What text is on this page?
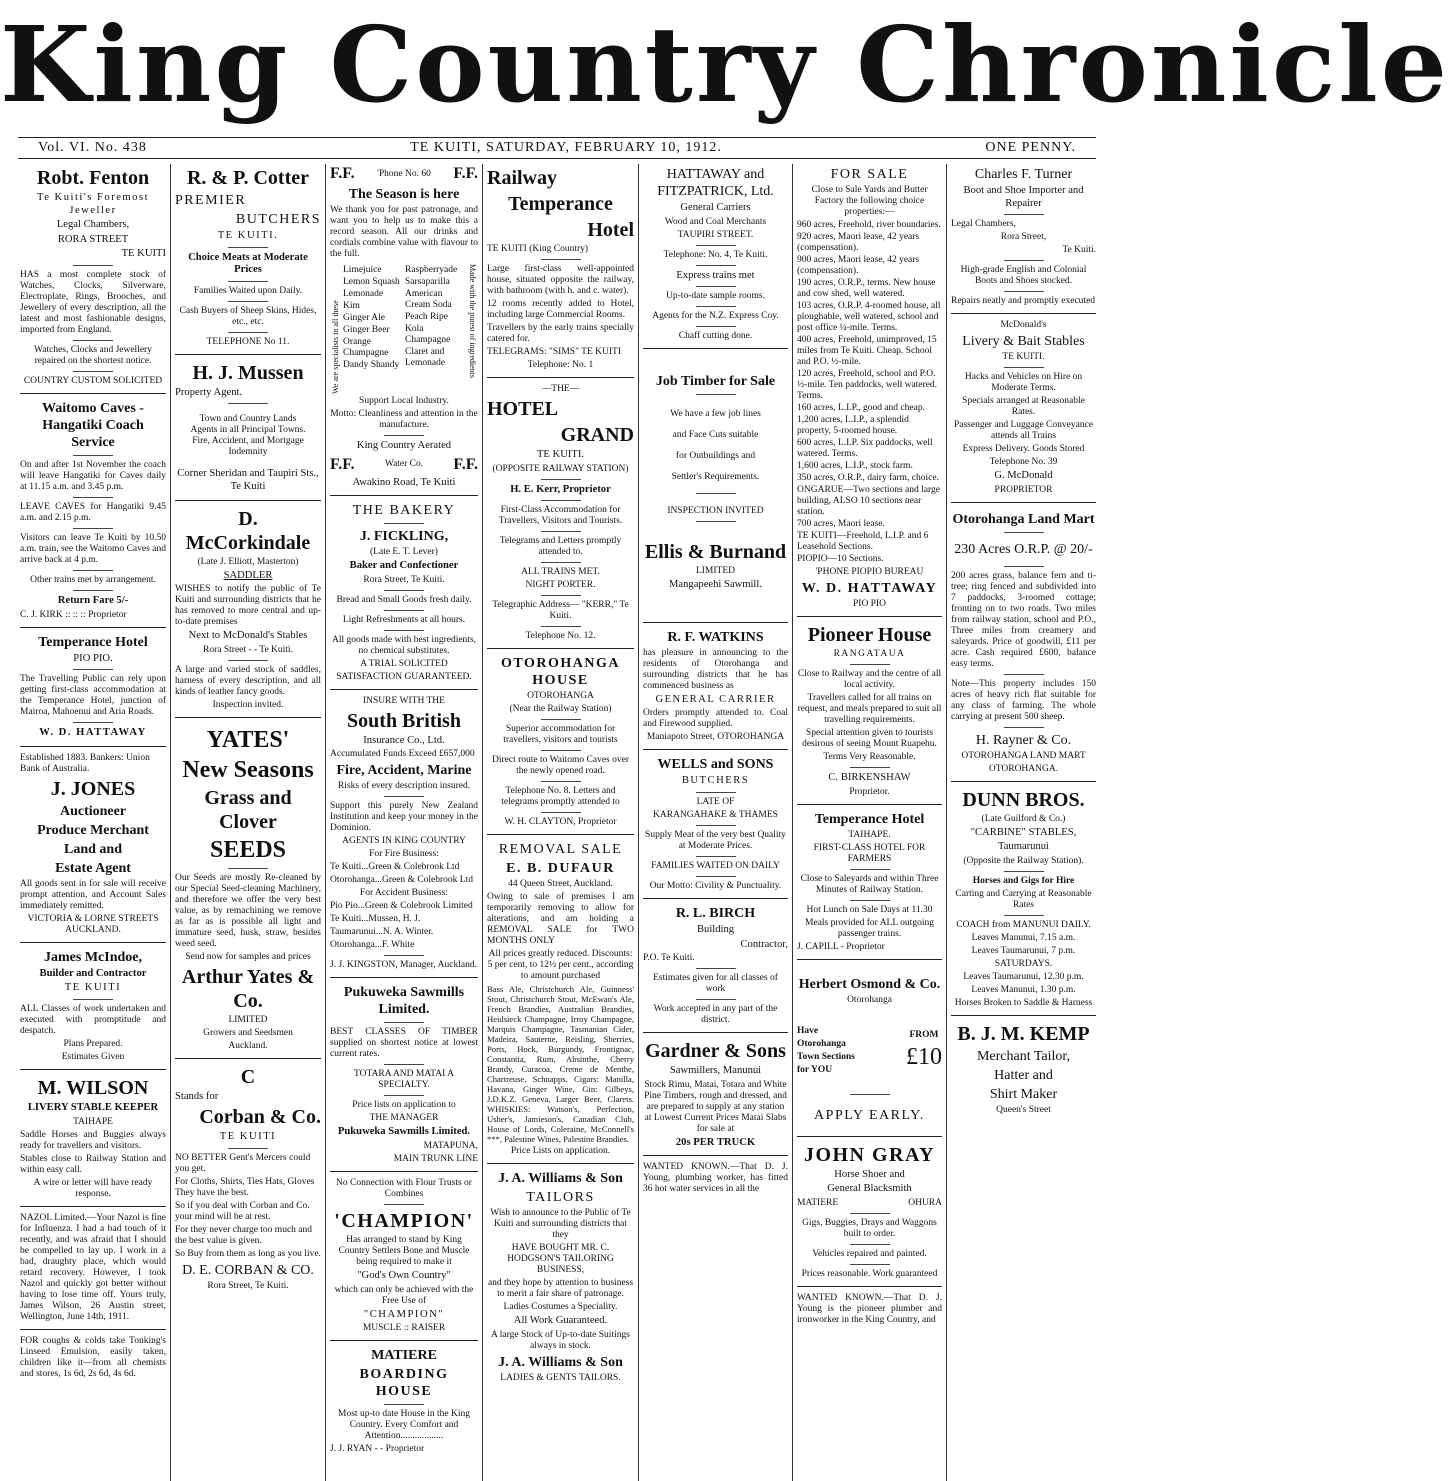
King Country Chronicle
Vol. VI. No. 438	TE KUITI, SATURDAY, FEBRUARY 10, 1912.	ONE PENNY.

Robt. Fenton

Te Kuiti's Foremost Jeweller

Legal Chambers,

RORA STREET

TE KUITI

HAS a most complete stock of Watches, Clocks, Silverware, Electroplate, Rings, Brooches, and Jewellery of every description, all the latest and most fashionable designs, imported from England.

Watches, Clocks and Jewellery repaired on the shortest notice.

COUNTRY CUSTOM SOLICITED

Waitomo Caves - Hangatiki Coach Service

On and after 1st November the coach will leave Hangatiki for Caves daily at 11.15 a.m. and 3.45 p.m.

LEAVE CAVES for Hangatiki 9.45 a.m. and 2.15 p.m.

Visitors can leave Te Kuiti by 10.50 a.m. train, see the Waitomo Caves and arrive back at 4 p.m.

Other trains met by arrangement.

Return Fare 5/-

C. J. KIRK :: :: :: Proprietor

Temperance Hotel

PIO PIO.

The Travelling Public can rely upon getting first-class accommodation at the Temperance Hotel, junction of Mairoa, Mahoenui and Aria Roads.

W. D. HATTAWAY

Established 1883. Bankers: Union Bank of Australia.

J. JONES

Auctioneer

Produce Merchant

Land and

Estate Agent

All goods sent in for sale will receive prompt attention, and Account Sales immediately remitted.

VICTORIA & LORNE STREETS AUCKLAND.

James McIndoe,

Builder and Contractor

TE KUITI

ALL Classes of work undertaken and executed with promptitude and despatch.

Plans Prepared.

Estimates Given

M. WILSON

LIVERY STABLE KEEPER

TAIHAPE

Saddle Horses and Buggies always ready for travellers and visitors.

Stables close to Railway Station and within easy call.

A wire or letter will have ready response.

NAZOL Limited.—Your Nazol is fine for Influenza. I had a bad touch of it recently, and was afraid that I should be compelled to lay up. I work in a bad, draughty place, which would retard recovery. However, I took Nazol and quickly got better without having to lose time off. Yours truly, James Wilson, 26 Austin street, Wellington, June 14th, 1911.

FOR coughs & colds take Tonking's Linseed Emulsion, easily taken, children like it—from all chemists and stores, 1s 6d, 2s 6d, 4s 6d.

R. & P. Cotter

PREMIER

BUTCHERS

TE KUITI.

Choice Meats at Moderate Prices

Families Waited upon Daily.

Cash Buyers of Sheep Skins, Hides, etc., etc.

TELEPHONE No 11.

H. J. Mussen

Property Agent.

Town and Country Lands Agents in all Principal Towns. Fire, Accident, and Mortgage Indemnity

Corner Sheridan and Taupiri Sts., Te Kuiti

D. McCorkindale

(Late J. Elliott, Masterton)

SADDLER

WISHES to notify the public of Te Kuiti and surrounding districts that he has removed to more central and up-to-date premises

Next to McDonald's Stables

Rora Street - - Te Kuiti.

A large and varied stock of saddles, harness of every description, and all kinds of leather fancy goods.

Inspection invited.

YATES'

New Seasons

Grass and Clover

SEEDS

Our Seeds are mostly Re-cleaned by our Special Seed-cleaning Machinery, and therefore we offer the very best value, as by remachining we remove as far as is possible all light and immature seed, husk, straw, besides weed seed.

Send now for samples and prices

Arthur Yates & Co.

LIMITED

Growers and Seedsmen

Auckland.

C

Stands for

Corban & Co.

TE KUITI

NO BETTER Gent's Mercers could you get.

For Cloths, Shirts, Ties Hats, Gloves They have the best.

So if you deal with Corban and Co. your mind will be at rest.

For they never charge too much and the best value is given.

So Buy from them as long as you live.

D. E. CORBAN & CO.

Rora Street, Te Kuiti.

F.F. 'Phone No. 60 F.F.

The Season is here

We thank you for past patronage, and want you to help us to make this a record season. All our drinks and cordials combine value with flavour to the full.

We are specialists in all these

Limejuice

Lemon Squash

Lemonade

Kim

Ginger Ale

Ginger Beer

Orange Champagne

Dandy Shandy

Raspberryade

Sarsaparilla

American Cream Soda

Peach Ripe

Kola Champagne

Claret and Lemonade	Made with the purest of ingredients

Support Local Industry.

Motto: Cleanliness and attention in the manufacture.

King Country Aerated

F.F.	Water Co. F.F.

Awakino Road, Te Kuiti

THE BAKERY

J. FICKLING,

(Late E. T. Lever)

Baker and Confectioner

Rora Street, Te Kuiti.

Bread and Small Goods fresh daily.

Light Refreshments at all hours.

All goods made with best ingredients, no chemical substitutes.

A TRIAL SOLICITED

SATISFACTION GUARANTEED.

INSURE WITH THE

South British

Insurance Co., Ltd.

Accumulated Funds Exceed £657,000

Fire, Accident, Marine

Risks of every description insured.

Support this purely New Zealand Institution and keep your money in the Dominion.

AGENTS IN KING COUNTRY

For Fire Business:

Te Kuiti...Green & Colebrook Ltd

Otorohanga...Green & Colebrook Ltd

For Accident Business:

Pio Pio...Green & Colebrook Limited

Te Kuiti...Mussen, H. J.

Taumarunui...N. A. Winter.

Otorohanga...F. White

J. J. KINGSTON, Manager, Auckland.

Pukuweka Sawmills Limited.

BEST CLASSES OF TIMBER supplied on shortest notice at lowest current rates.

TOTARA AND MATAI A SPECIALTY.

Price lists on application to

THE MANAGER

Pukuweka Sawmills Limited.

MATAPUNA,

MAIN TRUNK LINE

No Connection with Flour Trusts or Combines

'CHAMPION'

Has arranged to stand by King Country Settlers Bone and Muscle being required to make it

"God's Own Country"

which can only be achieved with the Free Use of

"CHAMPION"

MUSCLE :: RAISER

MATIERE

BOARDING HOUSE

Most up-to date House in the King Country. Every Comfort and Attention..................

J. J. RYAN - - Proprietor

Railway

Temperance

Hotel

TE KUITI (King Country)

Large first-class well-appointed house, situated opposite the railway, with bathroom (with h. and c. water).

12 rooms recently added to Hotel, including large Commercial Rooms.

Travellers by the early trains specially catered for.

TELEGRAMS: "SIMS" TE KUITI

Telephone: No. 1

—THE—

HOTEL

GRAND

TE KUITI.

(OPPOSITE RAILWAY STATION)

H. E. Kerr, Proprietor

First-Class Accommodation for Travellers, Visitors and Tourists.

Telegrams and Letters promptly attended to.

ALL TRAINS MET.

NIGHT PORTER.

Telegraphic Address— "KERR," Te Kuiti.

Telephone No. 12.

OTOROHANGA HOUSE

OTOROHANGA

(Near the Railway Station)

Superior accommodation for travellers, visitors and tourists

Direct route to Waitomo Caves over the newly opened road.

Telephone No. 8. Letters and telegrams promptly attended to

W. H. CLAYTON, Proprietor

REMOVAL SALE

E. B. DUFAUR

44 Queen Street, Auckland.

Owing to sale of premises I am temporarily removing to allow for alterations, and am holding a REMOVAL SALE for TWO MONTHS ONLY

All prices greatly reduced. Discounts: 5 per cent, to 12½ per cent., according to amount purchased

Bass Ale, Christchurch Ale, Guinness' Stout, Christchurch Stout, McEwan's Ale, French Brandies, Australian Brandies, Heidsieck Champagne, Irroy Champagne, Marquis Champagne, Tasmanian Cider, Madeira, Sauterne, Reisling, Sherries, Ports, Hock, Burgundy, Frontignac, Constantia, Rum, Absinthe, Cherry Brandy, Curacoa, Creme de Menthe, Chartreuse, Schnapps. Cigars: Manilla, Havana, Ginger Wine, Gin: Gilbeys, J.D.K.Z. Geneva, Larger Beer, Clarets. WHISKIES: Watson's, Perfection, Usher's, Jamieson's, Canadian Club, House of Lords, Coleraine, McConnell's ***, Palestine Wines, Palestine Brandies.

Price Lists on application.

J. A. Williams & Son

TAILORS

Wish to announce to the Public of Te Kuiti and surrounding districts that they

HAVE BOUGHT MR. C. HODGSON'S TAILORING BUSINESS,

and they hope by attention to business to merit a fair share of patronage.

Ladies Costumes a Speciality.

All Work Guaranteed.

A large Stock of Up-to-date Suitings always in stock.

J. A. Williams & Son

LADIES & GENTS TAILORS.

HATTAWAY and FITZPATRICK, Ltd.

General Carriers

Wood and Coal Merchants

TAUPIRI STREET.

Telephone: No. 4, Te Kuiti.

Express trains met

Up-to-date sample rooms.

Agents for the N.Z. Express Coy.

Chaff cutting done.

Job Timber for Sale

We have a few job lines

and Face Cuts suitable

for Outbuildings and

Settler's Requirements.

INSPECTION INVITED

Ellis & Burnand

LIMITED

Mangapeehi Sawmill.

R. F. WATKINS

has pleasure in announcing to the residents of Otorohanga and surrounding districts that he has commenced business as

GENERAL CARRIER

Orders promptly attended to. Coal and Firewood supplied.

Maniapoto Street, OTOROHANGA

WELLS and SONS

BUTCHERS

LATE OF

KARANGAHAKE & THAMES

Supply Meat of the very best Quality at Moderate Prices.

FAMILIES WAITED ON DAILY

Our Motto: Civility & Punctuality.

R. L. BIRCH

Building

Contractor,

P.O. Te Kuiti.

Estimates given for all classes of work

Work accepted in any part of the district.

Gardner & Sons

Sawmillers, Manunui

Stock Rimu, Matai, Totara and White Pine Timbers, rough and dressed, and are prepared to supply at any station at Lowest Current Prices Matai Slabs for sale at

20s PER TRUCK

WANTED KNOWN.—That D. J. Young, plumbing worker, has fitted 36 hot water services in all the

FOR SALE

Close to Sale Yards and Butter Factory the following choice properties:—

960 acres, Freehold, river boundaries.

920 acres, Maori lease, 42 years (compensation).

900 acres, Maori lease, 42 years (compensation).

190 acres, O.R.P., terms. New house and cow shed, well watered.

103 acres, O.R.P. 4-roomed house, all ploughable, well watered, school and post office ¼-mile. Terms.

400 acres, Freehold, unimproved, 15 miles from Te Kuiti. Cheap. School and P.O. ½-mile.

120 acres, Freehold, school and P.O. ½-mile. Ten paddocks, well watered. Terms.

160 acres, L.I.P., good and cheap.

1,200 acres, L.I.P., a splendid property, 5-roomed house.

600 acres, L.I.P. Six paddocks, well watered. Terms.

1,600 acres, L.I.P., stock farm.

350 acres, O.R.P., dairy farm, choice.

ONGARUE—Two sections and large building, ALSO 10 sections near station.

700 acres, Maori lease.

TE KUITI—Freehold, L.I.P. and 6 Leasehold Sections.

PIOPIO—10 Sections.

'PHONE PIOPIO BUREAU

W. D. HATTAWAY

PIO PIO

Pioneer House

RANGATAUA

Close to Railway and the centre of all local activity.

Travellers called for all trains on request, and meals prepared to suit all travelling requirements.

Special attention given to tourists desirous of seeing Mount Ruapehu.

Terms Very Reasonable.

C. BIRKENSHAW

Proprietor.

Temperance Hotel

TAIHAPE.

FIRST-CLASS HOTEL FOR FARMERS

Close to Saleyards and within Three Minutes of Railway Station.

Hot Lunch on Sale Days at 11.30

Meals provided for ALL outgoing passenger trains.

J. CAPILL - Proprietor

Herbert Osmond & Co.

Otorohanga

Have

Otorohanga

Town Sections

for YOU

FROM

£10

APPLY EARLY.

JOHN GRAY

Horse Shoer and

General Blacksmith

MATIERE	OHURA

Gigs, Buggies, Drays and Waggons built to order.

Vehicles repaired and painted.

Prices reasonable. Work guaranteed

WANTED KNOWN.—That D. J. Young is the pioneer plumber and ironworker in the King Country, and

Charles F. Turner

Boot and Shoe Importer and Repairer

Legal Chambers,

Rora Street,

Te Kuiti.

High-grade English and Colonial Boots and Shoes stocked.

Repairs neatly and promptly executed

McDonald's

Livery & Bait Stables

TE KUITI.

Hacks and Vehicles on Hire on Moderate Terms.

Specials arranged at Reasonable Rates.

Passenger and Luggage Conveyance attends all Trains

Express Delivery. Goods Stored

Telephone No. 39

G. McDonald

PROPRIETOR

Otorohanga Land Mart

230 Acres O.R.P. @ 20/-

200 acres grass, balance fern and ti-tree; ring fenced and subdivided into 7 paddocks, 3-roomed cottage; fronting on to two roads. Two miles from railway station, school and P.O., Three miles from creamery and saleyards. Price of goodwill, £11 per acre. Cash required £600, balance easy terms.

Note—This property includes 150 acres of heavy rich flat suitable for any class of farming. The whole carrying at present 500 sheep.

H. Rayner & Co.

OTOROHANGA LAND MART

OTOROHANGA.

DUNN BROS.

(Late Guilford & Co.)

"CARBINE" STABLES,

Taumarunui

(Opposite the Railway Station).

Horses and Gigs for Hire

Carting and Carrying at Reasonable Rates

COACH from MANUNUI DAILY.

Leaves Manunui, 7.15 a.m.

Leaves Taumarunui, 7 p.m.

SATURDAYS.

Leaves Taumarunui, 12.30 p.m.

Leaves Manunui, 1.30 p.m.

Horses Broken to Saddle & Harness

B. J. M. KEMP

Merchant Tailor,

Hatter and

Shirt Maker

Queen's Street
